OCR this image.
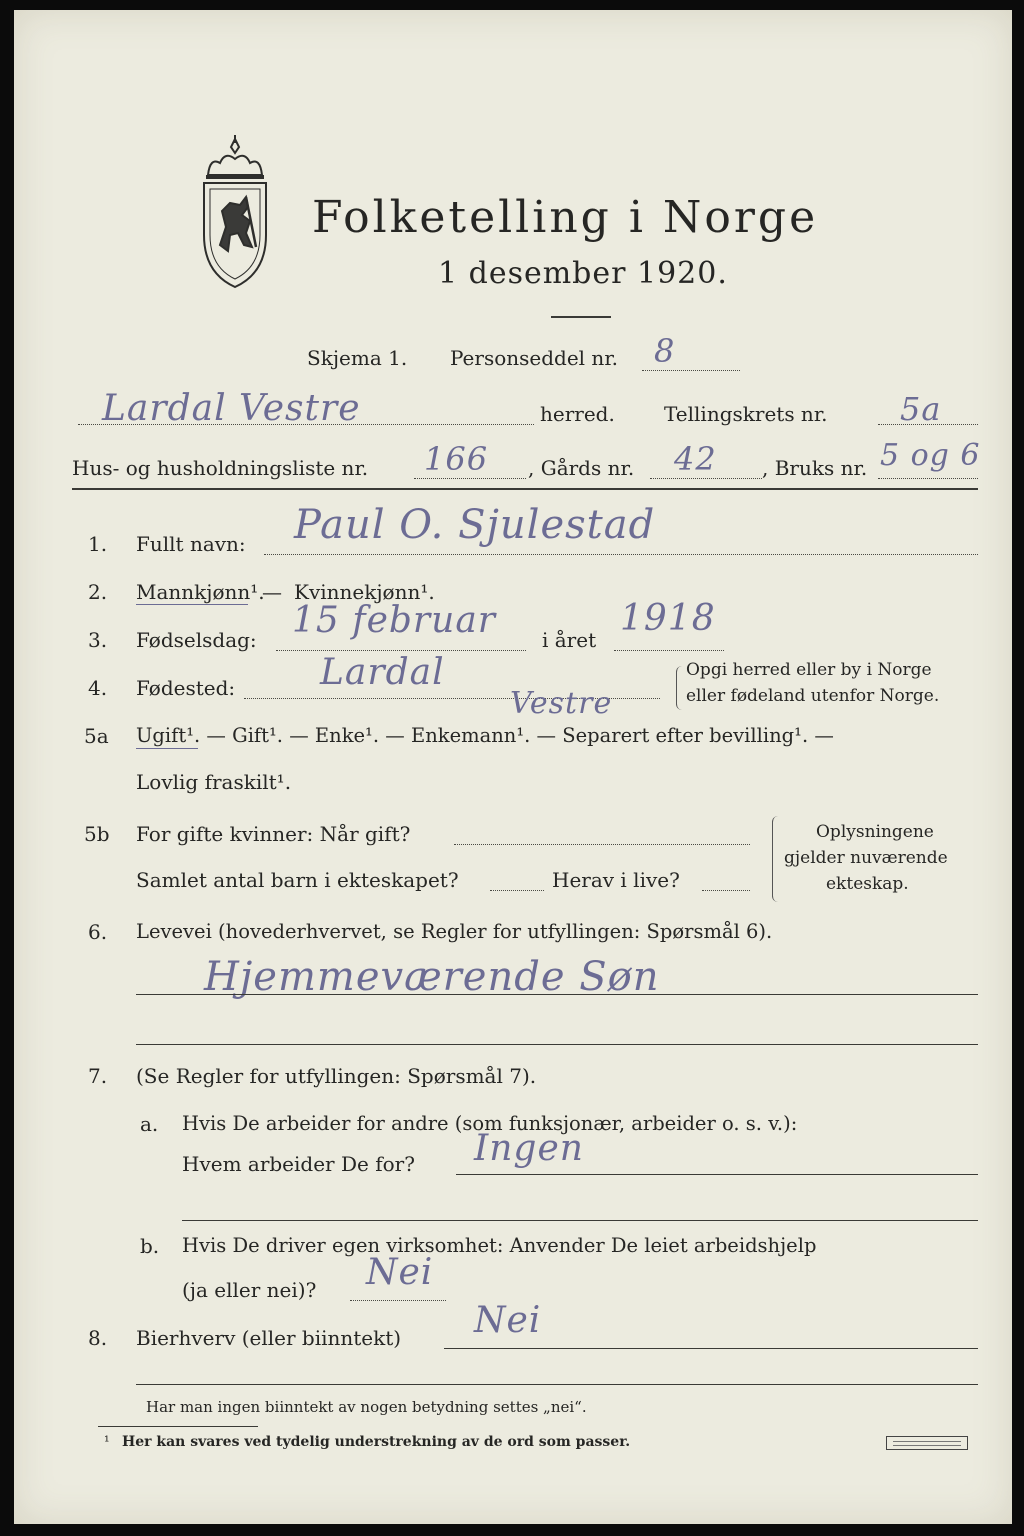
Folketelling i Norge
1 desember 1920.
Skjema 1. Personseddel nr. 8
Lardal Vestre	herred. Tellingskrets nr. 5a
Hus- og husholdningsliste nr. 166 , Gårds nr. 42 , Bruks nr. 5 og 6
1. Fullt navn: Paul O. Sjulestad
2. Mannkjønn¹.
— Kvinnekjønn¹.
3. Fødselsdag: 15 februar i året
1918
4. Fødested: Lardal
Vestre
Opgi herred eller by i Norge
eller fødeland utenfor Norge.
5a Ugift¹. — Gift¹. — Enke¹. — Enkemann¹. — Separert efter bevilling¹. —
Lovlig fraskilt¹.
5b For gifte kvinner: Når gift?
Samlet antal barn i ekteskapet?	Herav i live?
Oplysningene
gjelder nuværende
ekteskap.
6. Levevei (hovederhvervet, se Regler for utfyllingen: Spørsmål 6).
Hjemmeværende Søn
7. (Se Regler for utfyllingen: Spørsmål 7).
a. Hvis De arbeider for andre (som funksjonær, arbeider o. s. v.):
Hvem arbeider De for? Ingen
b. Hvis De driver egen virksomhet: Anvender De leiet arbeidshjelp
(ja eller nei)? Nei
8. Bierhverv (eller biinntekt) Nei
Har man ingen biinntekt av nogen betydning settes „nei“.
¹ Her kan svares ved tydelig understrekning av de ord som passer.
